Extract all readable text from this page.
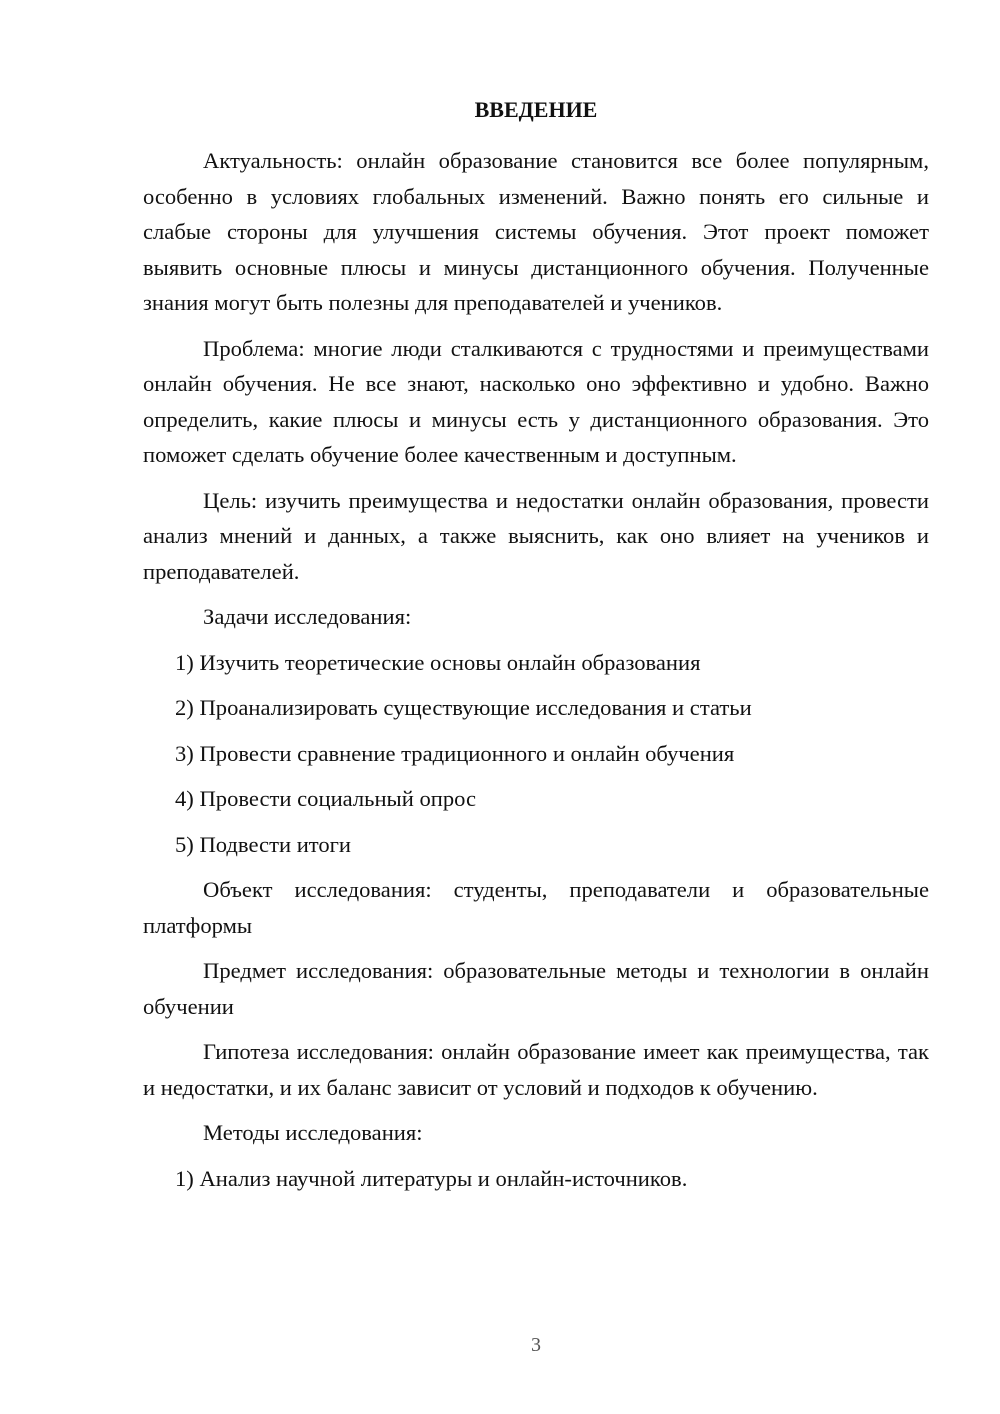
ВВЕДЕНИЕ

Актуальность: онлайн образование становится все более популярным, особенно в условиях глобальных изменений. Важно понять его сильные и слабые стороны для улучшения системы обучения. Этот проект поможет выявить основные плюсы и минусы дистанционного обучения. Полученные знания могут быть полезны для преподавателей и учеников.

Проблема: многие люди сталкиваются с трудностями и преимуществами онлайн обучения. Не все знают, насколько оно эффективно и удобно. Важно определить, какие плюсы и минусы есть у дистанционного образования. Это поможет сделать обучение более качественным и доступным.

Цель: изучить преимущества и недостатки онлайн образования, провести анализ мнений и данных, а также выяснить, как оно влияет на учеников и преподавателей.

Задачи исследования:

1) Изучить теоретические основы онлайн образования

2) Проанализировать существующие исследования и статьи

3) Провести сравнение традиционного и онлайн обучения

4) Провести социальный опрос

5) Подвести итоги

Объект исследования: студенты, преподаватели и образовательные платформы

Предмет исследования: образовательные методы и технологии в онлайн обучении

Гипотеза исследования: онлайн образование имеет как преимущества, так и недостатки, и их баланс зависит от условий и подходов к обучению.

Методы исследования:

1) Анализ научной литературы и онлайн-источников.

3
